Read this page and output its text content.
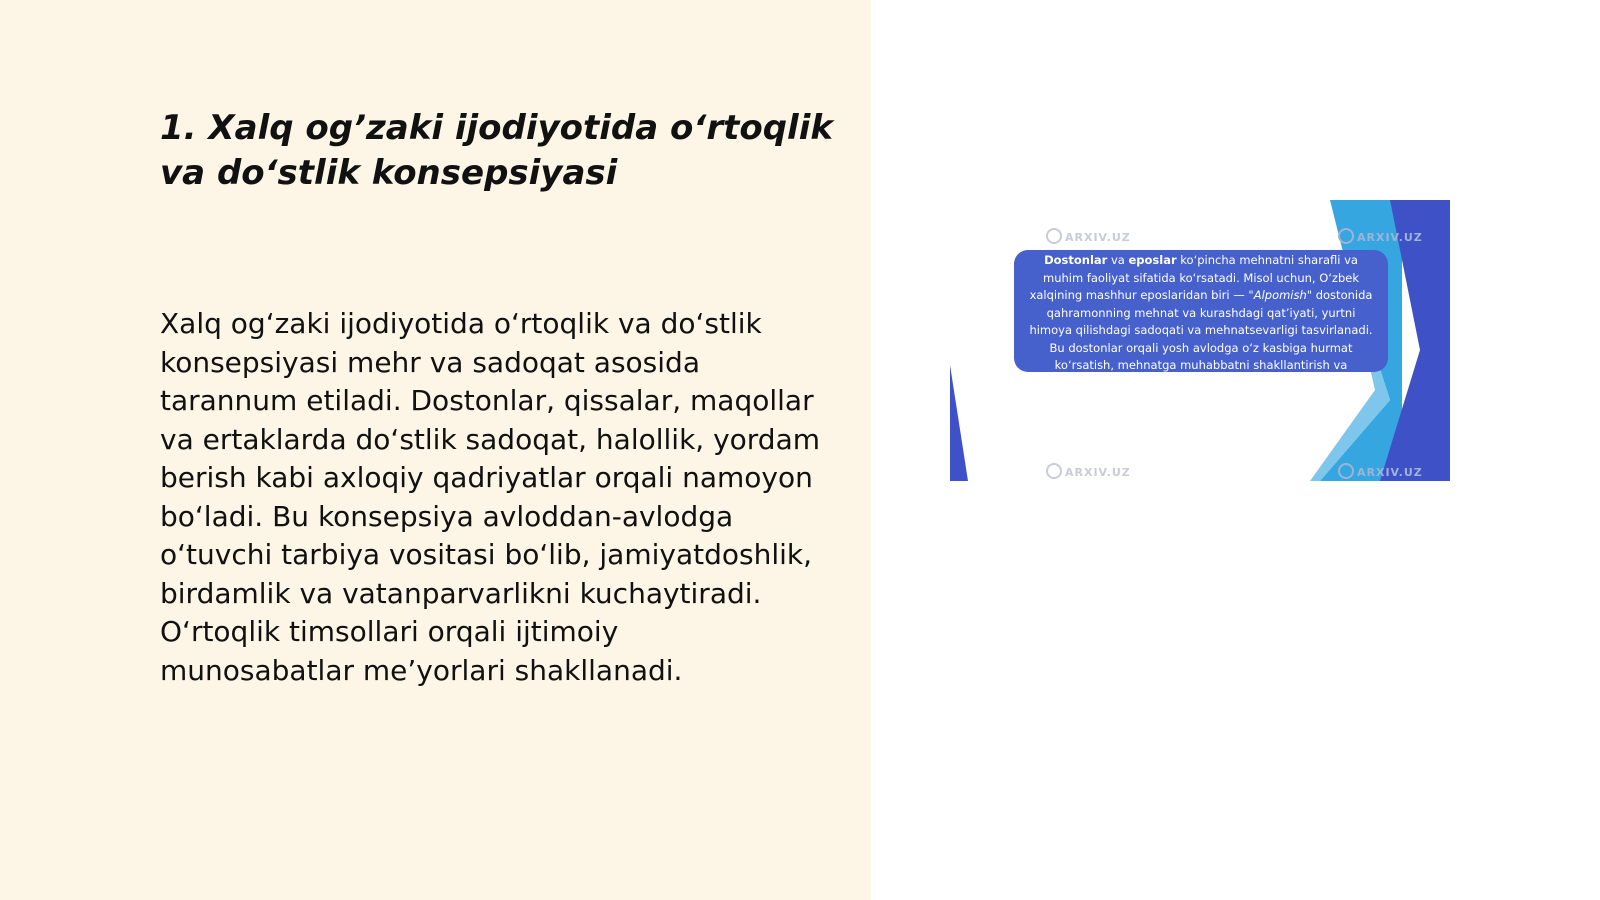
1. Xalq og’zaki ijodiyotida o‘rtoqlik va do‘stlik konsepsiyasi

Xalq og‘zaki ijodiyotida o‘rtoqlik va do‘stlik konsepsiyasi mehr va sadoqat asosida tarannum etiladi. Dostonlar, qissalar, maqollar va ertaklarda do‘stlik sadoqat, halollik, yordam berish kabi axloqiy qadriyatlar orqali namoyon bo‘ladi. Bu konsepsiya avloddan-avlodga o‘tuvchi tarbiya vositasi bo‘lib, jamiyatdoshlik, birdamlik va vatanparvarlikni kuchaytiradi. O‘rtoqlik timsollari orqali ijtimoiy munosabatlar me’yorlari shakllanadi.

ARXIV.UZ	ARXIV.UZ
ARXIV.UZ	ARXIV.UZ
Dostonlar va eposlar ko‘pincha mehnatni sharafli va muhim faoliyat sifatida ko‘rsatadi. Misol uchun, O‘zbek xalqining mashhur eposlaridan biri — "Alpomish" dostonida qahramonning mehnat va kurashdagi qat’iyati, yurtni himoya qilishdagi sadoqati va mehnatsevarligi tasvirlanadi. Bu dostonlar orqali yosh avlodga o‘z kasbiga hurmat ko‘rsatish, mehnatga muhabbatni shakllantirish va vatanparvarlikni o‘rgatish maqsad qilinadi.
